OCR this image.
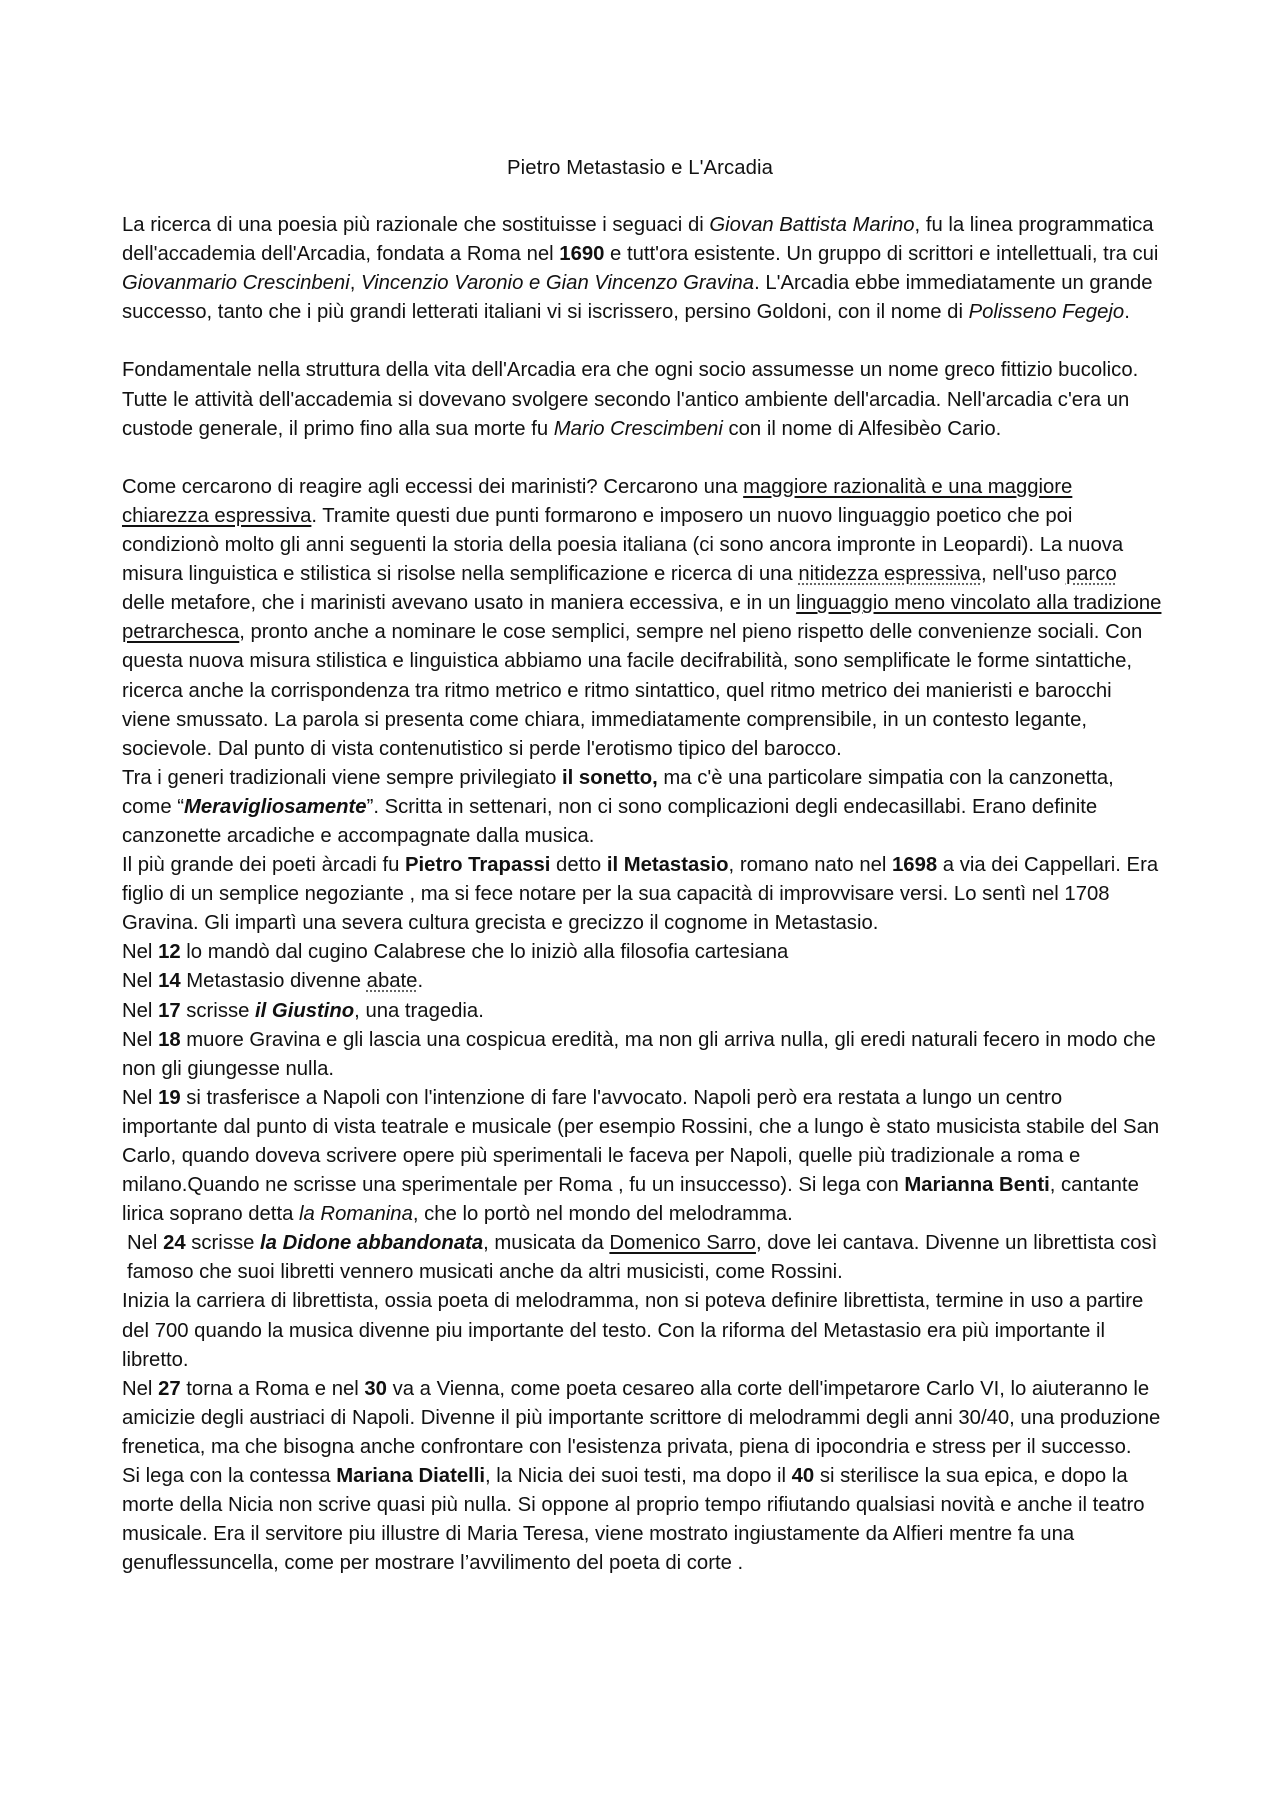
Pietro Metastasio e L'Arcadia

La ricerca di una poesia più razionale che sostituisse i seguaci di Giovan Battista Marino, fu la linea programmatica dell'accademia dell'Arcadia, fondata a Roma nel 1690 e tutt'ora esistente. Un gruppo di scrittori e intellettuali, tra cui Giovanmario Crescinbeni, Vincenzio Varonio e Gian Vincenzo Gravina. L'Arcadia ebbe immediatamente un grande successo, tanto che i più grandi letterati italiani vi si iscrissero, persino Goldoni, con il nome di Polisseno Fegejo.

Fondamentale nella struttura della vita dell'Arcadia era che ogni socio assumesse un nome greco fittizio bucolico. Tutte le attività dell'accademia si dovevano svolgere secondo l'antico ambiente dell'arcadia. Nell'arcadia c'era un custode generale, il primo fino alla sua morte fu Mario Crescimbeni con il nome di Alfesibèo Cario.

Come cercarono di reagire agli eccessi dei marinisti? Cercarono una maggiore razionalità e una maggiore chiarezza espressiva. Tramite questi due punti formarono e imposero un nuovo linguaggio poetico che poi condizionò molto gli anni seguenti la storia della poesia italiana (ci sono ancora impronte in Leopardi). La nuova misura linguistica e stilistica si risolse nella semplificazione e ricerca di una nitidezza espressiva, nell'uso parco delle metafore, che i marinisti avevano usato in maniera eccessiva, e in un linguaggio meno vincolato alla tradizione petrarchesca, pronto anche a nominare le cose semplici, sempre nel pieno rispetto delle convenienze sociali. Con questa nuova misura stilistica e linguistica abbiamo una facile decifrabilità, sono semplificate le forme sintattiche, ricerca anche la corrispondenza tra ritmo metrico e ritmo sintattico, quel ritmo metrico dei manieristi e barocchi viene smussato. La parola si presenta come chiara, immediatamente comprensibile, in un contesto legante, socievole. Dal punto di vista contenutistico si perde l'erotismo tipico del barocco.

Tra i generi tradizionali viene sempre privilegiato il sonetto, ma c'è una particolare simpatia con la canzonetta, come “Meravigliosamente”. Scritta in settenari, non ci sono complicazioni degli endecasillabi. Erano definite canzonette arcadiche e accompagnate dalla musica.

Il più grande dei poeti àrcadi fu Pietro Trapassi detto il Metastasio, romano nato nel 1698 a via dei Cappellari. Era figlio di un semplice negoziante , ma si fece notare per la sua capacità di improvvisare versi. Lo sentì nel 1708 Gravina. Gli impartì una severa cultura grecista e grecizzo il cognome in Metastasio.

Nel 12 lo mandò dal cugino Calabrese che lo iniziò alla filosofia cartesiana

Nel 14 Metastasio divenne abate.

Nel 17 scrisse il Giustino, una tragedia.

Nel 18 muore Gravina e gli lascia una cospicua eredità, ma non gli arriva nulla, gli eredi naturali fecero in modo che non gli giungesse nulla.

Nel 19 si trasferisce a Napoli con l'intenzione di fare l'avvocato. Napoli però era restata a lungo un centro importante dal punto di vista teatrale e musicale (per esempio Rossini, che a lungo è stato musicista stabile del San Carlo, quando doveva scrivere opere più sperimentali le faceva per Napoli, quelle più tradizionale a roma e milano.Quando ne scrisse una sperimentale per Roma , fu un insuccesso). Si lega con Marianna Benti, cantante lirica soprano detta la Romanina, che lo portò nel mondo del melodramma.

Nel 24 scrisse la Didone abbandonata, musicata da Domenico Sarro, dove lei cantava. Divenne un librettista così famoso che suoi libretti vennero musicati anche da altri musicisti, come Rossini.

Inizia la carriera di librettista, ossia poeta di melodramma, non si poteva definire librettista, termine in uso a partire del 700 quando la musica divenne piu importante del testo. Con la riforma del Metastasio era più importante il libretto.

Nel 27 torna a Roma e nel 30 va a Vienna, come poeta cesareo alla corte dell'impetarore Carlo VI, lo aiuteranno le amicizie degli austriaci di Napoli. Divenne il più importante scrittore di melodrammi degli anni 30/40, una produzione frenetica, ma che bisogna anche confrontare con l'esistenza privata, piena di ipocondria e stress per il successo.

Si lega con la contessa Mariana Diatelli, la Nicia dei suoi testi, ma dopo il 40 si sterilisce la sua epica, e dopo la morte della Nicia non scrive quasi più nulla. Si oppone al proprio tempo rifiutando qualsiasi novità e anche il teatro musicale. Era il servitore piu illustre di Maria Teresa, viene mostrato ingiustamente da Alfieri mentre fa una genuflessuncella, come per mostrare l’avvilimento del poeta di corte .
